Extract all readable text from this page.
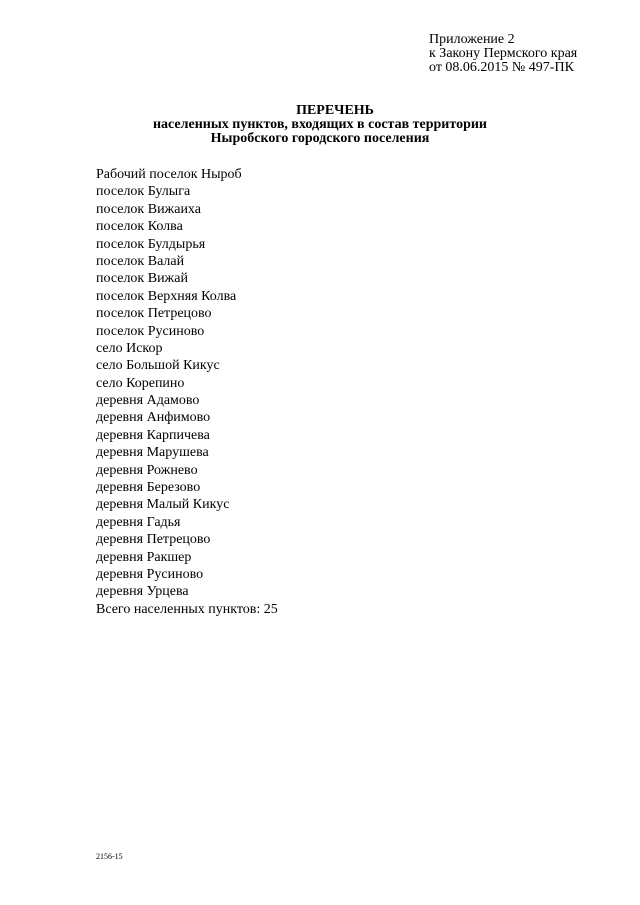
Приложение 2
к Закону Пермского края
от 08.06.2015 № 497-ПК
ПЕРЕЧЕНЬ
населенных пунктов, входящих в состав территории
Ныробского городского поселения
Рабочий поселок Ныроб
поселок Булыга
поселок Вижаиха
поселок Колва
поселок Булдырья
поселок Валай
поселок Вижай
поселок Верхняя Колва
поселок Петрецово
поселок Русиново
село Искор
село Большой Кикус
село Корепино
деревня Адамово
деревня Анфимово
деревня Карпичева
деревня Марушева
деревня Рожнево
деревня Березово
деревня Малый Кикус
деревня Гадья
деревня Петрецово
деревня Ракшер
деревня Русиново
деревня Урцева
Всего населенных пунктов: 25
2156-15
